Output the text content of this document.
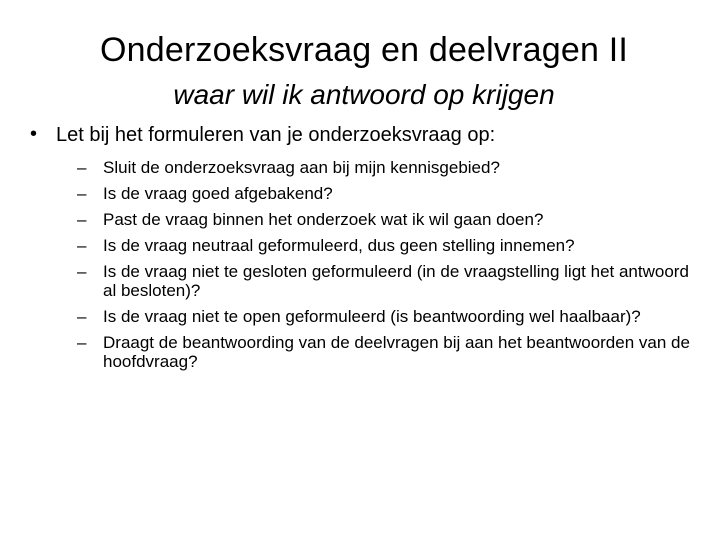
Onderzoeksvraag en deelvragen II
waar wil ik antwoord op krijgen
• Let bij het formuleren van je onderzoeksvraag op:
– Sluit de onderzoeksvraag aan bij mijn kennisgebied?
– Is de vraag goed afgebakend?
– Past de vraag binnen het onderzoek wat ik wil gaan doen?
– Is de vraag neutraal geformuleerd, dus geen stelling innemen?
– Is de vraag niet te gesloten geformuleerd (in de vraagstelling ligt het antwoord al besloten)?
– Is de vraag niet te open geformuleerd (is beantwoording wel haalbaar)?
– Draagt de beantwoording van de deelvragen bij aan het beantwoorden van de hoofdvraag?
